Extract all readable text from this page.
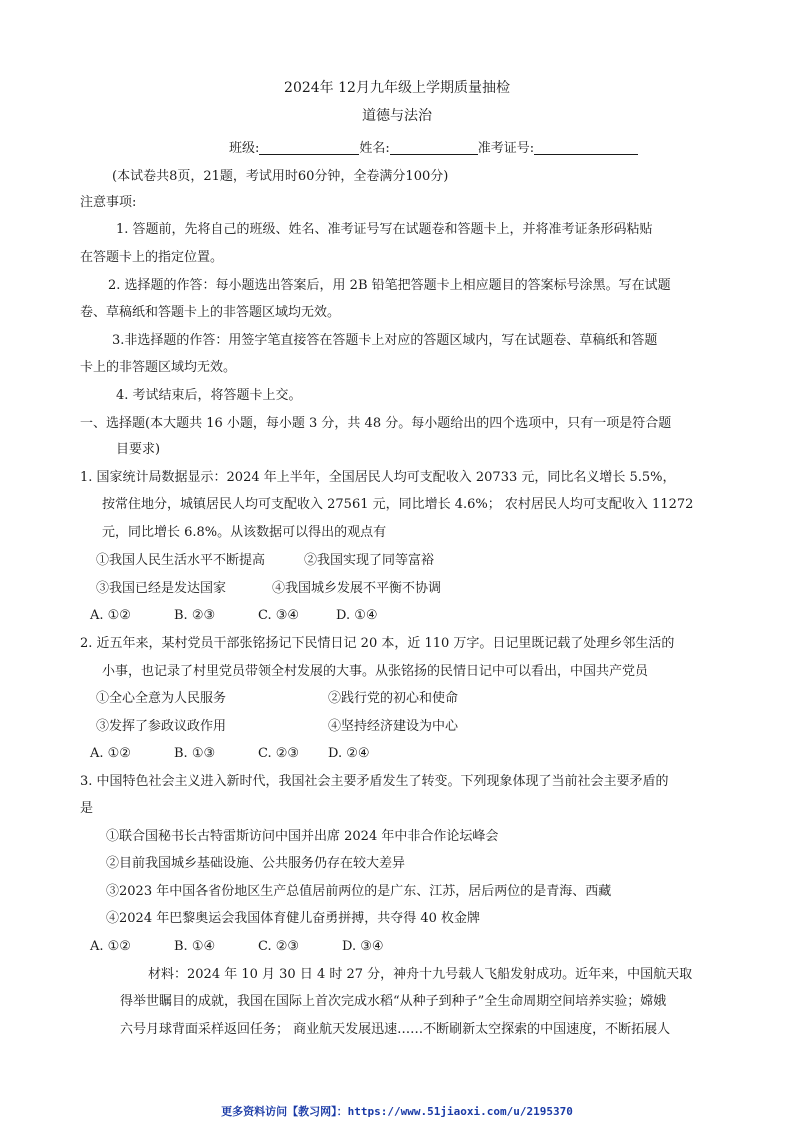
2024年 12月九年级上学期质量抽检
道德与法治
班级:	姓名:	准考证号:
(本试卷共8页，21题，考试用时60分钟，全卷满分100分)
注意事项:
1. 答题前，先将自己的班级、姓名、准考证号写在试题卷和答题卡上，并将准考证条形码粘贴
在答题卡上的指定位置。
2. 选择题的作答：每小题选出答案后，用 2B 铅笔把答题卡上相应题目的答案标号涂黑。写在试题
卷、草稿纸和答题卡上的非答题区域均无效。
3.非选择题的作答：用签字笔直接答在答题卡上对应的答题区域内，写在试题卷、草稿纸和答题
卡上的非答题区域均无效。
4. 考试结束后，将答题卡上交。
一、选择题(本大题共 16 小题，每小题 3 分，共 48 分。每小题给出的四个选项中，只有一项是符合题
目要求)
1. 国家统计局数据显示：2024 年上半年，全国居民人均可支配收入 20733 元，同比名义增长 5.5%，
按常住地分，城镇居民人均可支配收入 27561 元，同比增长 4.6%； 农村居民人均可支配收入 11272
元，同比增长 6.8%。从该数据可以得出的观点有
①我国人民生活水平不断提高	②我国实现了同等富裕
③我国已经是发达国家	④我国城乡发展不平衡不协调
A. ①②	B. ②③	C. ③④	D. ①④
2. 近五年来，某村党员干部张铭扬记下民情日记 20 本，近 110 万字。日记里既记载了处理乡邻生活的
小事，也记录了村里党员带领全村发展的大事。从张铭扬的民情日记中可以看出，中国共产党员
①全心全意为人民服务	②践行党的初心和使命
③发挥了参政议政作用	④坚持经济建设为中心
A. ①②	B. ①③	C. ②③ D. ②④
3. 中国特色社会主义进入新时代，我国社会主要矛盾发生了转变。下列现象体现了当前社会主要矛盾的
是
①联合国秘书长古特雷斯访问中国并出席 2024 年中非合作论坛峰会
②目前我国城乡基础设施、公共服务仍存在较大差异
③2023 年中国各省份地区生产总值居前两位的是广东、江苏，居后两位的是青海、西藏
④2024 年巴黎奥运会我国体育健儿奋勇拼搏，共夺得 40 枚金牌
A. ①②	B. ①④	C. ②③	D. ③④
材料：2024 年 10 月 30 日 4 时 27 分，神舟十九号载人飞船发射成功。近年来，中国航天取
得举世瞩目的成就，我国在国际上首次完成水稻“从种子到种子”全生命周期空间培养实验；嫦娥
六号月球背面采样返回任务； 商业航天发展迅速……不断刷新太空探索的中国速度，不断拓展人
更多资料访问【教习网】：https://www.51jiaoxi.com/u/2195370
